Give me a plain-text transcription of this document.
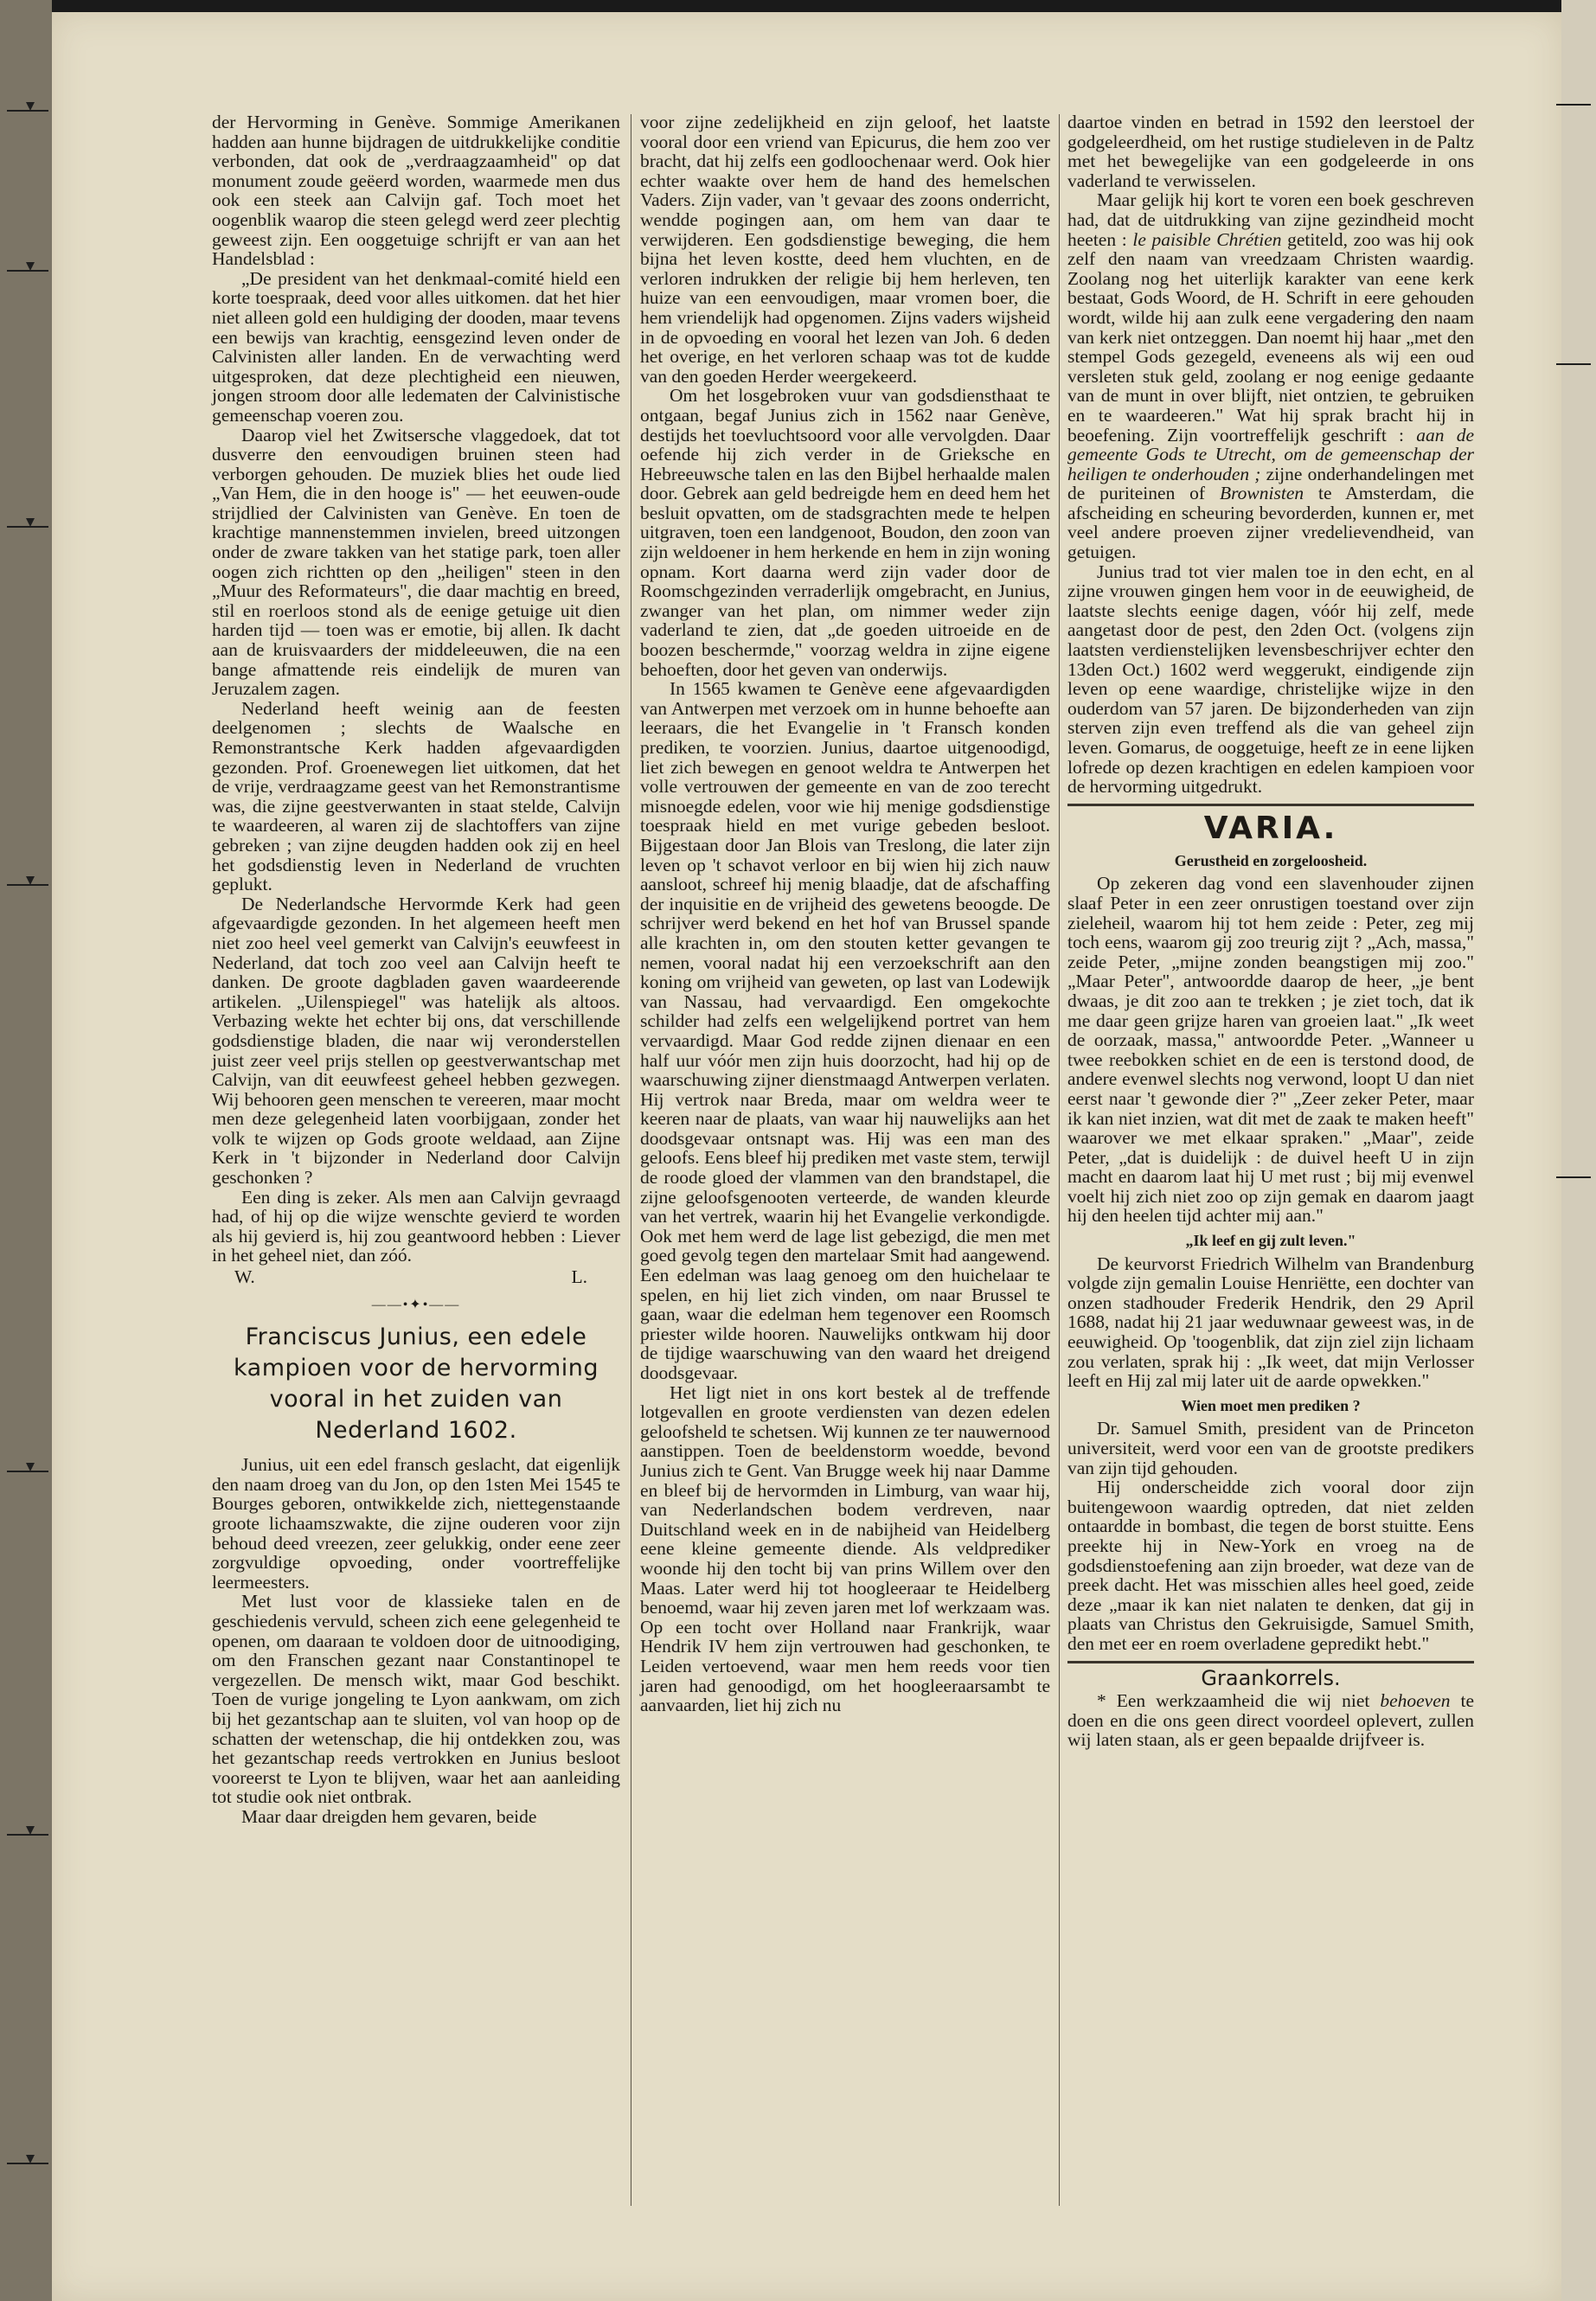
der Hervorming in Genève. Sommige Amerikanen hadden aan hunne bijdragen de uitdrukkelijke conditie verbonden, dat ook de „verdraagzaamheid" op dat monument zoude geëerd worden, waarmede men dus ook een steek aan Calvijn gaf. Toch moet het oogenblik waarop die steen gelegd werd zeer plechtig geweest zijn. Een ooggetuige schrijft er van aan het Handelsblad :

„De president van het denkmaal-comité hield een korte toespraak, deed voor alles uitkomen. dat het hier niet alleen gold een huldiging der dooden, maar tevens een bewijs van krachtig, eensgezind leven onder de Calvinisten aller landen. En de verwachting werd uitgesproken, dat deze plechtigheid een nieuwen, jongen stroom door alle ledematen der Calvinistische gemeenschap voeren zou.

Daarop viel het Zwitsersche vlaggedoek, dat tot dusverre den eenvoudigen bruinen steen had verborgen gehouden. De muziek blies het oude lied „Van Hem, die in den hooge is" — het eeuwen-oude strijdlied der Calvinisten van Genève. En toen de krachtige mannenstemmen invielen, breed uitzongen onder de zware takken van het statige park, toen aller oogen zich richtten op den „heiligen" steen in den „Muur des Reformateurs", die daar machtig en breed, stil en roerloos stond als de eenige getuige uit dien harden tijd — toen was er emotie, bij allen. Ik dacht aan de kruisvaarders der middeleeuwen, die na een bange afmattende reis eindelijk de muren van Jeruzalem zagen.

Nederland heeft weinig aan de feesten deelgenomen ; slechts de Waalsche en Remonstrantsche Kerk hadden afgevaardigden gezonden. Prof. Groenewegen liet uitkomen, dat het de vrije, verdraagzame geest van het Remonstrantisme was, die zijne geestverwanten in staat stelde, Calvijn te waardeeren, al waren zij de slachtoffers van zijne gebreken ; van zijne deugden hadden ook zij en heel het godsdienstig leven in Nederland de vruchten geplukt.

De Nederlandsche Hervormde Kerk had geen afgevaardigde gezonden. In het algemeen heeft men niet zoo heel veel gemerkt van Calvijn's eeuwfeest in Nederland, dat toch zoo veel aan Calvijn heeft te danken. De groote dagbladen gaven waardeerende artikelen. „Uilenspiegel" was hatelijk als altoos. Verbazing wekte het echter bij ons, dat verschillende godsdienstige bladen, die naar wij veronderstellen juist zeer veel prijs stellen op geestverwantschap met Calvijn, van dit eeuwfeest geheel hebben gezwegen. Wij behooren geen menschen te vereeren, maar mocht men deze gelegenheid laten voorbijgaan, zonder het volk te wijzen op Gods groote weldaad, aan Zijne Kerk in 't bijzonder in Nederland door Calvijn geschonken ?

Een ding is zeker. Als men aan Calvijn gevraagd had, of hij op die wijze wenschte gevierd te worden als hij gevierd is, hij zou geantwoord hebben : Liever in het geheel niet, dan zóó.

W.	L.
——•✦•——
Franciscus Junius, een edele
kampioen voor de hervorming
vooral in het zuiden van
Nederland 1602.

Junius, uit een edel fransch geslacht, dat eigenlijk den naam droeg van du Jon, op den 1sten Mei 1545 te Bourges geboren, ontwikkelde zich, niettegenstaande groote lichaamszwakte, die zijne ouderen voor zijn behoud deed vreezen, zeer gelukkig, onder eene zeer zorgvuldige opvoeding, onder voortreffelijke leermeesters.

Met lust voor de klassieke talen en de geschiedenis vervuld, scheen zich eene gelegenheid te openen, om daaraan te voldoen door de uitnoodiging, om den Franschen gezant naar Constantinopel te vergezellen. De mensch wikt, maar God beschikt. Toen de vurige jongeling te Lyon aankwam, om zich bij het gezantschap aan te sluiten, vol van hoop op de schatten der wetenschap, die hij ontdekken zou, was het gezantschap reeds vertrokken en Junius besloot vooreerst te Lyon te blijven, waar het aan aanleiding tot studie ook niet ontbrak.

Maar daar dreigden hem gevaren, beide

voor zijne zedelijkheid en zijn geloof, het laatste vooral door een vriend van Epicurus, die hem zoo ver bracht, dat hij zelfs een godloochenaar werd. Ook hier echter waakte over hem de hand des hemelschen Vaders. Zijn vader, van 't gevaar des zoons onderricht, wendde pogingen aan, om hem van daar te verwijderen. Een godsdienstige beweging, die hem bijna het leven kostte, deed hem vluchten, en de verloren indrukken der religie bij hem herleven, ten huize van een eenvoudigen, maar vromen boer, die hem vriendelijk had opgenomen. Zijns vaders wijsheid in de opvoeding en vooral het lezen van Joh. 6 deden het overige, en het verloren schaap was tot de kudde van den goeden Herder weergekeerd.

Om het losgebroken vuur van godsdiensthaat te ontgaan, begaf Junius zich in 1562 naar Genève, destijds het toevluchtsoord voor alle vervolgden. Daar oefende hij zich verder in de Grieksche en Hebreeuwsche talen en las den Bijbel herhaalde malen door. Gebrek aan geld bedreigde hem en deed hem het besluit opvatten, om de stadsgrachten mede te helpen uitgraven, toen een landgenoot, Boudon, den zoon van zijn weldoener in hem herkende en hem in zijn woning opnam. Kort daarna werd zijn vader door de Roomschgezinden verraderlijk omgebracht, en Junius, zwanger van het plan, om nimmer weder zijn vaderland te zien, dat „de goeden uitroeide en de boozen beschermde," voorzag weldra in zijne eigene behoeften, door het geven van onderwijs.

In 1565 kwamen te Genève eene afgevaardigden van Antwerpen met verzoek om in hunne behoefte aan leeraars, die het Evangelie in 't Fransch konden prediken, te voorzien. Junius, daartoe uitgenoodigd, liet zich bewegen en genoot weldra te Antwerpen het volle vertrouwen der gemeente en van de zoo terecht misnoegde edelen, voor wie hij menige godsdienstige toespraak hield en met vurige gebeden besloot. Bijgestaan door Jan Blois van Treslong, die later zijn leven op 't schavot verloor en bij wien hij zich nauw aansloot, schreef hij menig blaadje, dat de afschaffing der inquisitie en de vrijheid des gewetens beoogde. De schrijver werd bekend en het hof van Brussel spande alle krachten in, om den stouten ketter gevangen te nemen, vooral nadat hij een verzoekschrift aan den koning om vrijheid van geweten, op last van Lodewijk van Nassau, had vervaardigd. Een omgekochte schilder had zelfs een welgelijkend portret van hem vervaardigd. Maar God redde zijnen dienaar en een half uur vóór men zijn huis doorzocht, had hij op de waarschuwing zijner dienstmaagd Antwerpen verlaten. Hij vertrok naar Breda, maar om weldra weer te keeren naar de plaats, van waar hij nauwelijks aan het doodsgevaar ontsnapt was. Hij was een man des geloofs. Eens bleef hij prediken met vaste stem, terwijl de roode gloed der vlammen van den brandstapel, die zijne geloofsgenooten verteerde, de wanden kleurde van het vertrek, waarin hij het Evangelie verkondigde. Ook met hem werd de lage list gebezigd, die men met goed gevolg tegen den martelaar Smit had aangewend. Een edelman was laag genoeg om den huichelaar te spelen, en hij liet zich vinden, om naar Brussel te gaan, waar die edelman hem tegenover een Roomsch priester wilde hooren. Nauwelijks ontkwam hij door de tijdige waarschuwing van den waard het dreigend doodsgevaar.

Het ligt niet in ons kort bestek al de treffende lotgevallen en groote verdiensten van dezen edelen geloofsheld te schetsen. Wij kunnen ze ter nauwernood aanstippen. Toen de beeldenstorm woedde, bevond Junius zich te Gent. Van Brugge week hij naar Damme en bleef bij de hervormden in Limburg, van waar hij, van Nederlandschen bodem verdreven, naar Duitschland week en in de nabijheid van Heidelberg eene kleine gemeente diende. Als veldprediker woonde hij den tocht bij van prins Willem over den Maas. Later werd hij tot hoogleeraar te Heidelberg benoemd, waar hij zeven jaren met lof werkzaam was. Op een tocht over Holland naar Frankrijk, waar Hendrik IV hem zijn vertrouwen had geschonken, te Leiden vertoevend, waar men hem reeds voor tien jaren had genoodigd, om het hoogleeraarsambt te aanvaarden, liet hij zich nu

daartoe vinden en betrad in 1592 den leerstoel der godgeleerdheid, om het rustige studieleven in de Paltz met het bewegelijke van een godgeleerde in ons vaderland te verwisselen.

Maar gelijk hij kort te voren een boek geschreven had, dat de uitdrukking van zijne gezindheid mocht heeten : le paisible Chrétien getiteld, zoo was hij ook zelf den naam van vreedzaam Christen waardig. Zoolang nog het uiterlijk karakter van eene kerk bestaat, Gods Woord, de H. Schrift in eere gehouden wordt, wilde hij aan zulk eene vergadering den naam van kerk niet ontzeggen. Dan noemt hij haar „met den stempel Gods gezegeld, eveneens als wij een oud versleten stuk geld, zoolang er nog eenige gedaante van de munt in over blijft, niet ontzien, te gebruiken en te waardeeren." Wat hij sprak bracht hij in beoefening. Zijn voortreffelijk geschrift : aan de gemeente Gods te Utrecht, om de gemeenschap der heiligen te onderhouden ; zijne onderhandelingen met de puriteinen of Brownisten te Amsterdam, die afscheiding en scheuring bevorderden, kunnen er, met veel andere proeven zijner vredelievendheid, van getuigen.

Junius trad tot vier malen toe in den echt, en al zijne vrouwen gingen hem voor in de eeuwigheid, de laatste slechts eenige dagen, vóór hij zelf, mede aangetast door de pest, den 2den Oct. (volgens zijn laatsten verdienstelijken levensbeschrijver echter den 13den Oct.) 1602 werd weggerukt, eindigende zijn leven op eene waardige, christelijke wijze in den ouderdom van 57 jaren. De bijzonderheden van zijn sterven zijn even treffend als die van geheel zijn leven. Gomarus, de ooggetuige, heeft ze in eene lijken lofrede op dezen krachtigen en edelen kampioen voor de hervorming uitgedrukt.

VARIA.
Gerustheid en zorgeloosheid.

Op zekeren dag vond een slavenhouder zijnen slaaf Peter in een zeer onrustigen toestand over zijn zieleheil, waarom hij tot hem zeide : Peter, zeg mij toch eens, waarom gij zoo treurig zijt ? „Ach, massa," zeide Peter, „mijne zonden beangstigen mij zoo." „Maar Peter", antwoordde daarop de heer, „je bent dwaas, je dit zoo aan te trekken ; je ziet toch, dat ik me daar geen grijze haren van groeien laat." „Ik weet de oorzaak, massa," antwoordde Peter. „Wanneer u twee reebokken schiet en de een is terstond dood, de andere evenwel slechts nog verwond, loopt U dan niet eerst naar 't gewonde dier ?" „Zeer zeker Peter, maar ik kan niet inzien, wat dit met de zaak te maken heeft" waarover we met elkaar spraken." „Maar", zeide Peter, „dat is duidelijk : de duivel heeft U in zijn macht en daarom laat hij U met rust ; bij mij evenwel voelt hij zich niet zoo op zijn gemak en daarom jaagt hij den heelen tijd achter mij aan."

„Ik leef en gij zult leven."

De keurvorst Friedrich Wilhelm van Brandenburg volgde zijn gemalin Louise Henriëtte, een dochter van onzen stadhouder Frederik Hendrik, den 29 April 1688, nadat hij 21 jaar weduwnaar geweest was, in de eeuwigheid. Op 'toogenblik, dat zijn ziel zijn lichaam zou verlaten, sprak hij : „Ik weet, dat mijn Verlosser leeft en Hij zal mij later uit de aarde opwekken."

Wien moet men prediken ?

Dr. Samuel Smith, president van de Princeton universiteit, werd voor een van de grootste predikers van zijn tijd gehouden.

Hij onderscheidde zich vooral door zijn buitengewoon waardig optreden, dat niet zelden ontaardde in bombast, die tegen de borst stuitte. Eens preekte hij in New-York en vroeg na de godsdienstoefening aan zijn broeder, wat deze van de preek dacht. Het was misschien alles heel goed, zeide deze „maar ik kan niet nalaten te denken, dat gij in plaats van Christus den Gekruisigde, Samuel Smith, den met eer en roem overladene gepredikt hebt."

Graankorrels.

* Een werkzaamheid die wij niet behoeven te doen en die ons geen direct voordeel oplevert, zullen wij laten staan, als er geen bepaalde drijfveer is.
